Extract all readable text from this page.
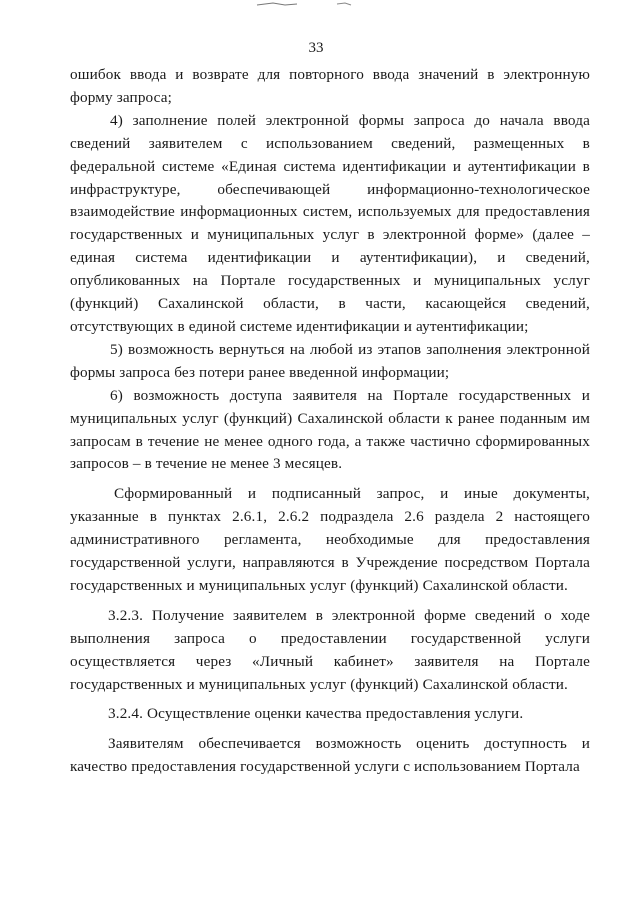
33

ошибок ввода и возврате для повторного ввода значений в электронную форму запроса;

4) заполнение полей электронной формы запроса до начала ввода сведений заявителем с использованием сведений, размещенных в федеральной системе «Единая система идентификации и аутентификации в инфраструктуре, обеспечивающей информационно-технологическое взаимодействие информационных систем, используемых для предоставления государственных и муниципальных услуг в электронной форме» (далее – единая система идентификации и аутентификации), и сведений, опубликованных на Портале государственных и муниципальных услуг (функций) Сахалинской области, в части, касающейся сведений, отсутствующих в единой системе идентификации и аутентификации;

5) возможность вернуться на любой из этапов заполнения электронной формы запроса без потери ранее введенной информации;

6) возможность доступа заявителя на Портале государственных и муниципальных услуг (функций) Сахалинской области к ранее поданным им запросам в течение не менее одного года, а также частично сформированных запросов – в течение не менее 3 месяцев.

Сформированный и подписанный запрос, и иные документы, указанные в пунктах 2.6.1, 2.6.2 подраздела 2.6 раздела 2 настоящего административного регламента, необходимые для предоставления государственной услуги, направляются в Учреждение посредством Портала государственных и муниципальных услуг (функций) Сахалинской области.

3.2.3. Получение заявителем в электронной форме сведений о ходе выполнения запроса о предоставлении государственной услуги осуществляется через «Личный кабинет» заявителя на Портале государственных и муниципальных услуг (функций) Сахалинской области.

3.2.4. Осуществление оценки качества предоставления услуги.

Заявителям обеспечивается возможность оценить доступность и качество предоставления государственной услуги с использованием Портала
